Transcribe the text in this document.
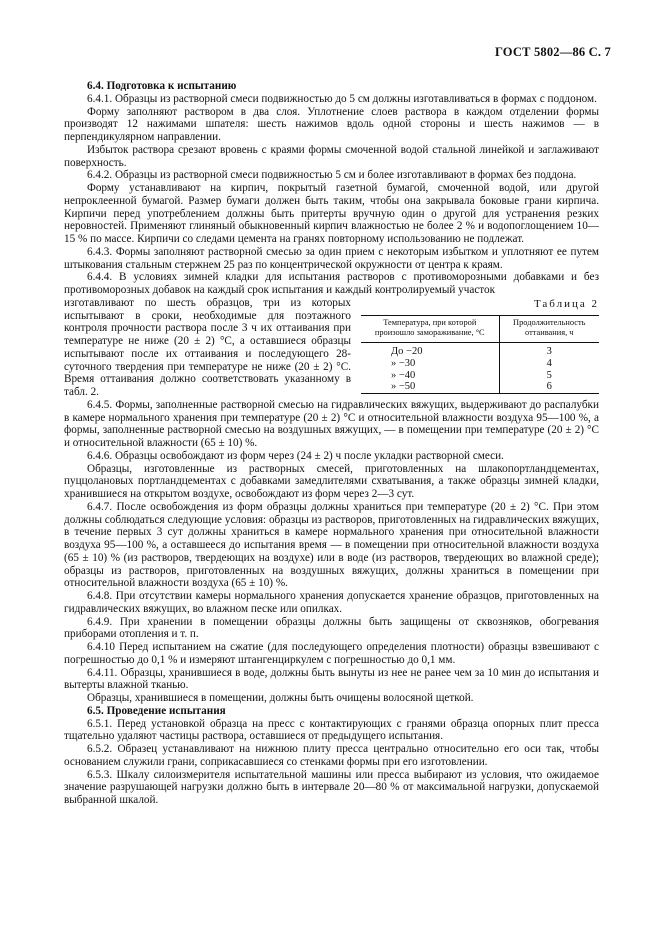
ГОСТ 5802—86 С. 7

6.4. Подготовка к испытанию

6.4.1. Образцы из растворной смеси подвижностью до 5 см должны изготавливаться в формах с поддоном.

Форму заполняют раствором в два слоя. Уплотнение слоев раствора в каждом отделении формы производят 12 нажимами шпателя: шесть нажимов вдоль одной стороны и шесть нажимов — в перпендикулярном направлении.

Избыток раствора срезают вровень с краями формы смоченной водой стальной линейкой и заглаживают поверхность.

6.4.2. Образцы из растворной смеси подвижностью 5 см и более изготавливают в формах без поддона.

Форму устанавливают на кирпич, покрытый газетной бумагой, смоченной водой, или другой непроклеенной бумагой. Размер бумаги должен быть таким, чтобы она закрывала боковые грани кирпича. Кирпичи перед употреблением должны быть притерты вручную один о другой для устранения резких неровностей. Применяют глиняный обыкновенный кирпич влажностью не более 2 % и водопоглощением 10—15 % по массе. Кирпичи со следами цемента на гранях повторному использованию не подлежат.

6.4.3. Формы заполняют растворной смесью за один прием с некоторым избытком и уплотняют ее путем штыкования стальным стержнем 25 раз по концентрической окружности от центра к краям.

6.4.4. В условиях зимней кладки для испытания растворов с противоморозными добавками и без противоморозных добавок на каждый срок испытания и каждый контролируемый участок

Таблица 2
Температура, при которой произошло замораживание, °С	Продолжительность оттаивания, ч

До −20	3
» −30	4
» −40	5
» −50	6

изготавливают по шесть образцов, три из которых испытывают в сроки, необходимые для поэтажного контроля прочности раствора после 3 ч их оттаивания при температуре не ниже (20 ± 2) °С, а оставшиеся образцы испытывают после их оттаивания и последующего 28-суточного твердения при температуре не ниже (20 ± 2) °С. Время оттаивания должно соответствовать указанному в табл. 2.

6.4.5. Формы, заполненные растворной смесью на гидравлических вяжущих, выдерживают до распалубки в камере нормального хранения при температуре (20 ± 2) °С и относительной влажности воздуха 95—100 %, а формы, заполненные растворной смесью на воздушных вяжущих, — в помещении при температуре (20 ± 2) °С и относительной влажности (65 ± 10) %.

6.4.6. Образцы освобождают из форм через (24 ± 2) ч после укладки растворной смеси.

Образцы, изготовленные из растворных смесей, приготовленных на шлакопортландцементах, пуццолановых портландцементах с добавками замедлителями схватывания, а также образцы зимней кладки, хранившиеся на открытом воздухе, освобождают из форм через 2—3 сут.

6.4.7. После освобождения из форм образцы должны храниться при температуре (20 ± 2) °С. При этом должны соблюдаться следующие условия: образцы из растворов, приготовленных на гидравлических вяжущих, в течение первых 3 сут должны храниться в камере нормального хранения при относительной влажности воздуха 95—100 %, а оставшееся до испытания время — в помещении при относительной влажности воздуха (65 ± 10) % (из растворов, твердеющих на воздухе) или в воде (из растворов, твердеющих во влажной среде); образцы из растворов, приготовленных на воздушных вяжущих, должны храниться в помещении при относительной влажности воздуха (65 ± 10) %.

6.4.8. При отсутствии камеры нормального хранения допускается хранение образцов, приготовленных на гидравлических вяжущих, во влажном песке или опилках.

6.4.9. При хранении в помещении образцы должны быть защищены от сквозняков, обогревания приборами отопления и т. п.

6.4.10 Перед испытанием на сжатие (для последующего определения плотности) образцы взвешивают с погрешностью до 0,1 % и измеряют штангенциркулем с погрешностью до 0,1 мм.

6.4.11. Образцы, хранившиеся в воде, должны быть вынуты из нее не ранее чем за 10 мин до испытания и вытерты влажной тканью.

Образцы, хранившиеся в помещении, должны быть очищены волосяной щеткой.

6.5. Проведение испытания

6.5.1. Перед установкой образца на пресс с контактирующих с гранями образца опорных плит пресса тщательно удаляют частицы раствора, оставшиеся от предыдущего испытания.

6.5.2. Образец устанавливают на нижнюю плиту пресса центрально относительно его оси так, чтобы основанием служили грани, соприкасавшиеся со стенками формы при его изготовлении.

6.5.3. Шкалу силоизмерителя испытательной машины или пресса выбирают из условия, что ожидаемое значение разрушающей нагрузки должно быть в интервале 20—80 % от максимальной нагрузки, допускаемой выбранной шкалой.
